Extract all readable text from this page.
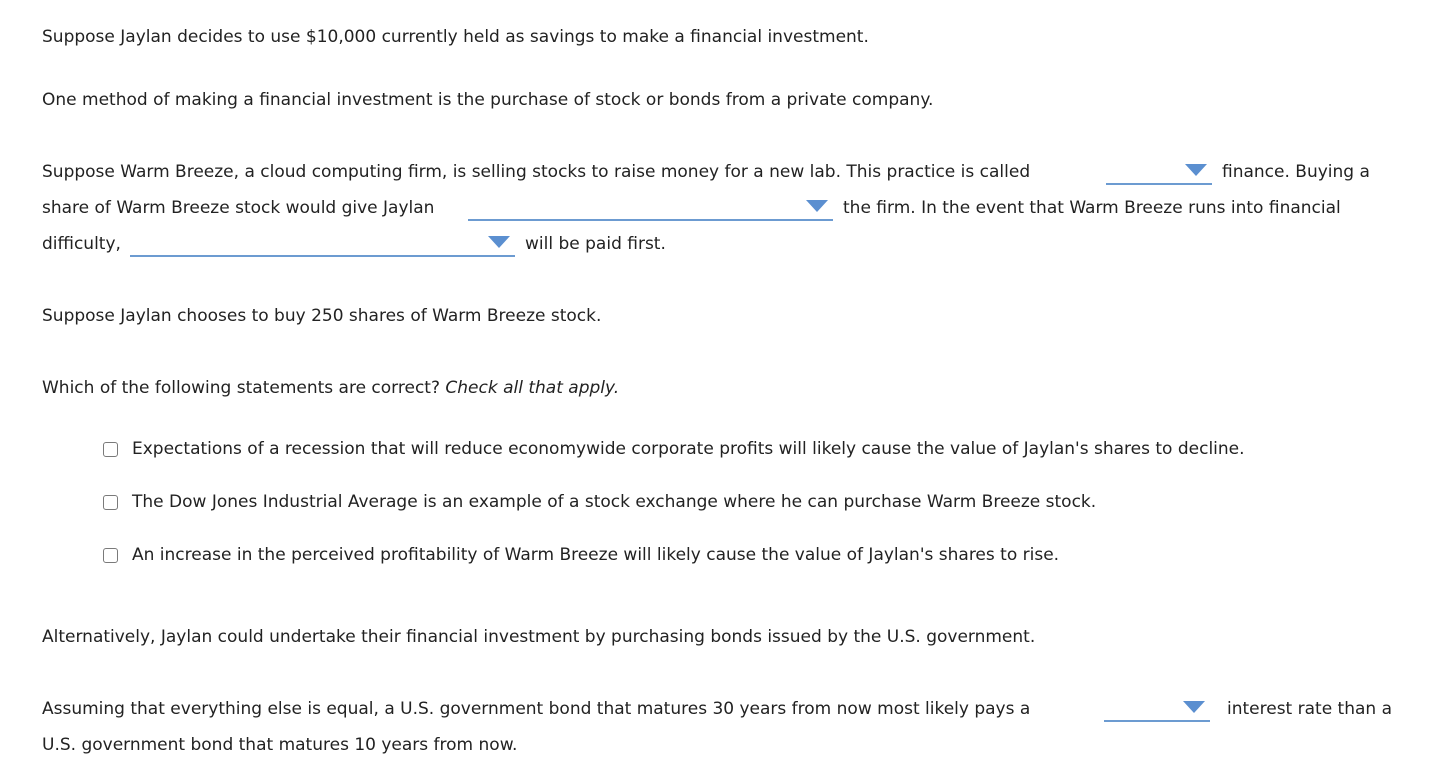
Suppose Jaylan decides to use $10,000 currently held as savings to make a financial investment.
One method of making a financial investment is the purchase of stock or bonds from a private company.
Suppose Warm Breeze, a cloud computing firm, is selling stocks to raise money for a new lab. This practice is called	finance. Buying a
share of Warm Breeze stock would give Jaylan	the firm. In the event that Warm Breeze runs into financial
difficulty,	will be paid first.
Suppose Jaylan chooses to buy 250 shares of Warm Breeze stock.
Which of the following statements are correct? Check all that apply.
Expectations of a recession that will reduce economywide corporate profits will likely cause the value of Jaylan's shares to decline.
The Dow Jones Industrial Average is an example of a stock exchange where he can purchase Warm Breeze stock.
An increase in the perceived profitability of Warm Breeze will likely cause the value of Jaylan's shares to rise.
Alternatively, Jaylan could undertake their financial investment by purchasing bonds issued by the U.S. government.
Assuming that everything else is equal, a U.S. government bond that matures 30 years from now most likely pays a	interest rate than a
U.S. government bond that matures 10 years from now.
